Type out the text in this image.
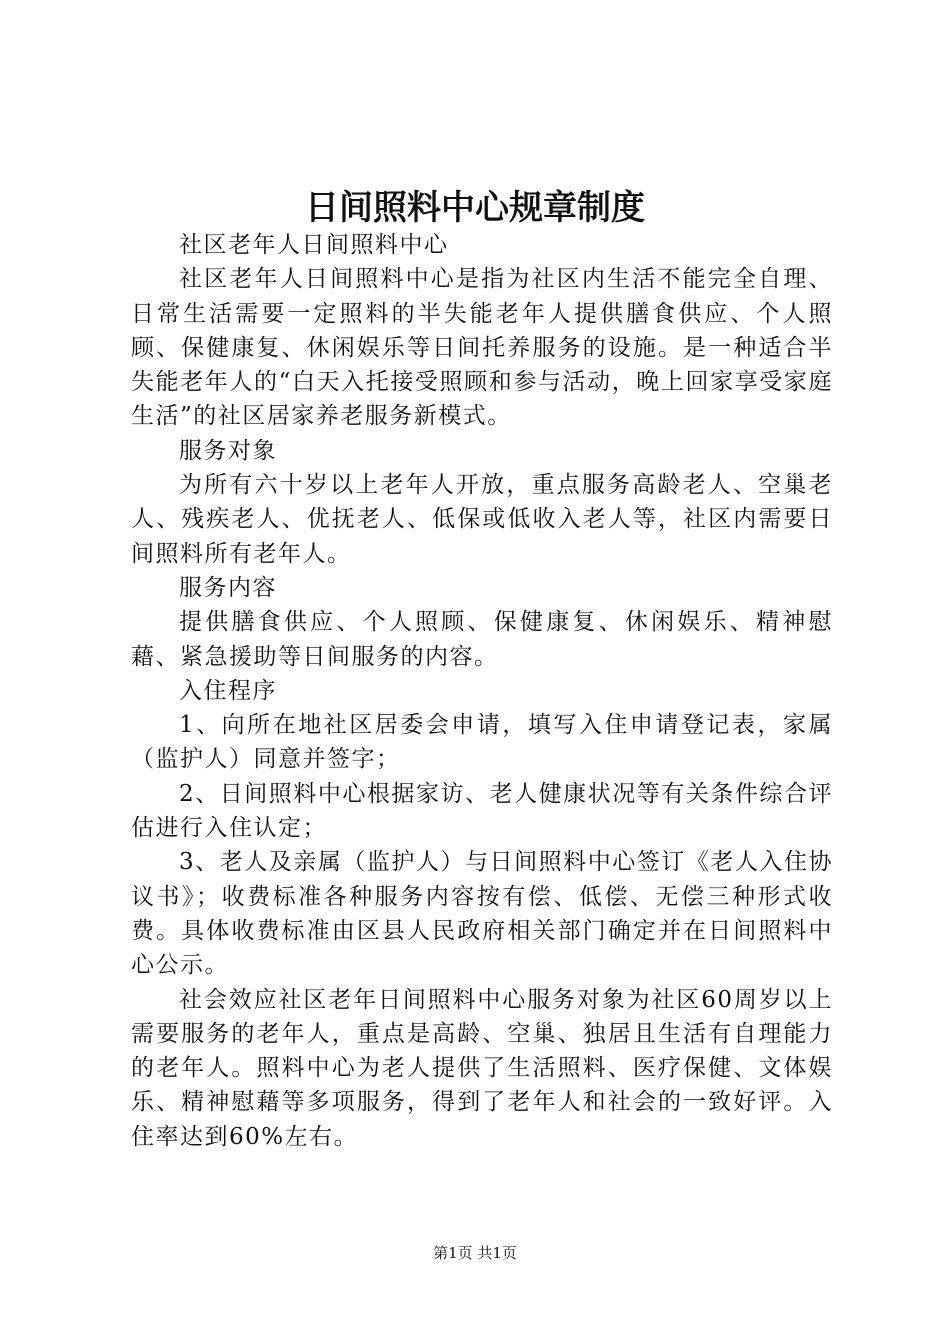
日间照料中心规章制度

社区老年人日间照料中心

社区老年人日间照料中心是指为社区内生活不能完全自理、日常生活需要一定照料的半失能老年人提供膳食供应、个人照顾、保健康复、休闲娱乐等日间托养服务的设施。是一种适合半失能老年人的“白天入托接受照顾和参与活动，晚上回家享受家庭生活”的社区居家养老服务新模式。

服务对象

为所有六十岁以上老年人开放，重点服务高龄老人、空巢老人、残疾老人、优抚老人、低保或低收入老人等，社区内需要日间照料所有老年人。

服务内容

提供膳食供应、个人照顾、保健康复、休闲娱乐、精神慰藉、紧急援助等日间服务的内容。

入住程序

1、向所在地社区居委会申请，填写入住申请登记表，家属（监护人）同意并签字；

2、日间照料中心根据家访、老人健康状况等有关条件综合评估进行入住认定；

3、老人及亲属（监护人）与日间照料中心签订《老人入住协议书》；收费标准各种服务内容按有偿、低偿、无偿三种形式收费。具体收费标准由区县人民政府相关部门确定并在日间照料中心公示。

社会效应社区老年日间照料中心服务对象为社区60周岁以上需要服务的老年人，重点是高龄、空巢、独居且生活有自理能力的老年人。照料中心为老人提供了生活照料、医疗保健、文体娱乐、精神慰藉等多项服务，得到了老年人和社会的一致好评。入住率达到60%左右。

第1页 共1页
